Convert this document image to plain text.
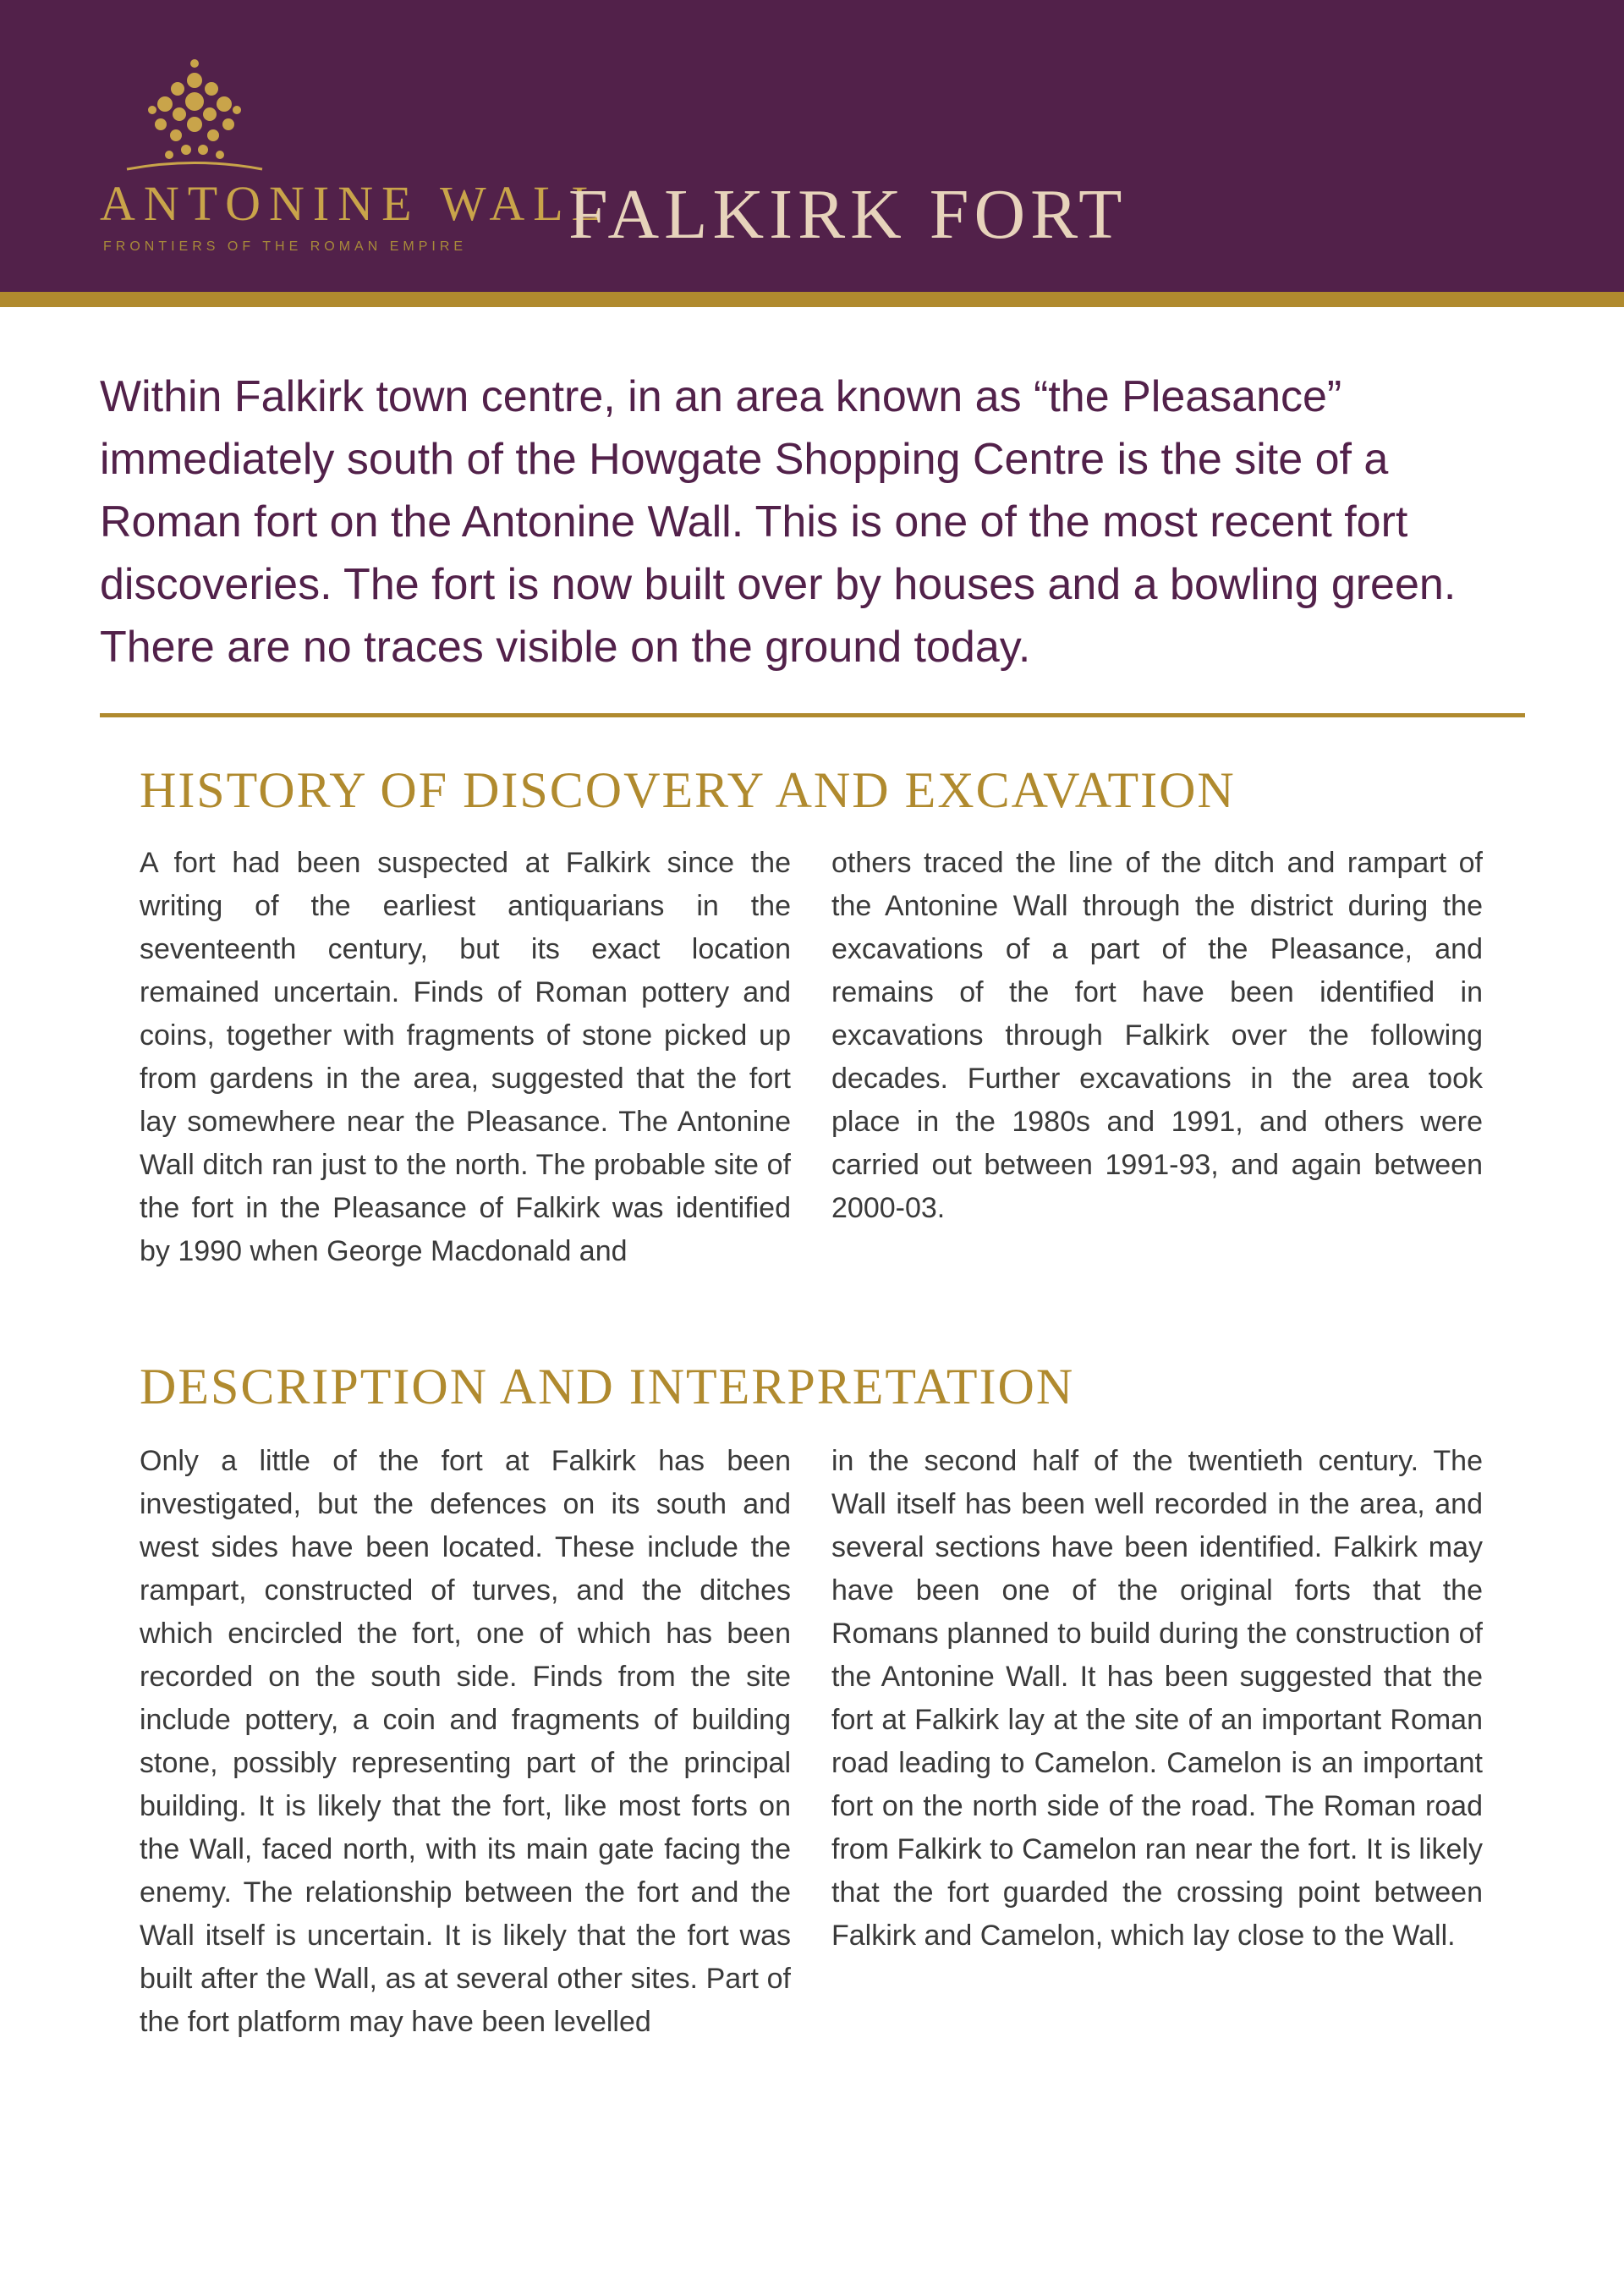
ANTONINE WALL
FRONTIERS OF THE ROMAN EMPIRE	FALKIRK FORT

Within Falkirk town centre, in an area known as “the Pleasance” immediately south of the Howgate Shopping Centre is the site of a Roman fort on the Antonine Wall. This is one of the most recent fort discoveries. The fort is now built over by houses and a bowling green. There are no traces visible on the ground today.

HISTORY OF DISCOVERY AND EXCAVATION

A fort had been suspected at Falkirk since the writing of the earliest antiquarians in the seventeenth century, but its exact location remained uncertain. Finds of Roman pottery and coins, together with fragments of stone picked up from gardens in the area, suggested that the fort lay somewhere near the Pleasance. The Antonine Wall ditch ran just to the north. The probable site of the fort in the Pleasance of Falkirk was identified by 1990 when George Macdonald and

others traced the line of the ditch and rampart of the Antonine Wall through the district during the excavations of a part of the Pleasance, and remains of the fort have been identified in excavations through Falkirk over the following decades. Further excavations in the area took place in the 1980s and 1991, and others were carried out between 1991-93, and again between 2000-03.

DESCRIPTION AND INTERPRETATION

Only a little of the fort at Falkirk has been investigated, but the defences on its south and west sides have been located. These include the rampart, constructed of turves, and the ditches which encircled the fort, one of which has been recorded on the south side. Finds from the site include pottery, a coin and fragments of building stone, possibly representing part of the principal building. It is likely that the fort, like most forts on the Wall, faced north, with its main gate facing the enemy. The relationship between the fort and the Wall itself is uncertain. It is likely that the fort was built after the Wall, as at several other sites. Part of the fort platform may have been levelled

in the second half of the twentieth century. The Wall itself has been well recorded in the area, and several sections have been identified. Falkirk may have been one of the original forts that the Romans planned to build during the construction of the Antonine Wall. It has been suggested that the fort at Falkirk lay at the site of an important Roman road leading to Camelon. Camelon is an important fort on the north side of the road. The Roman road from Falkirk to Camelon ran near the fort. It is likely that the fort guarded the crossing point between Falkirk and Camelon, which lay close to the Wall.
